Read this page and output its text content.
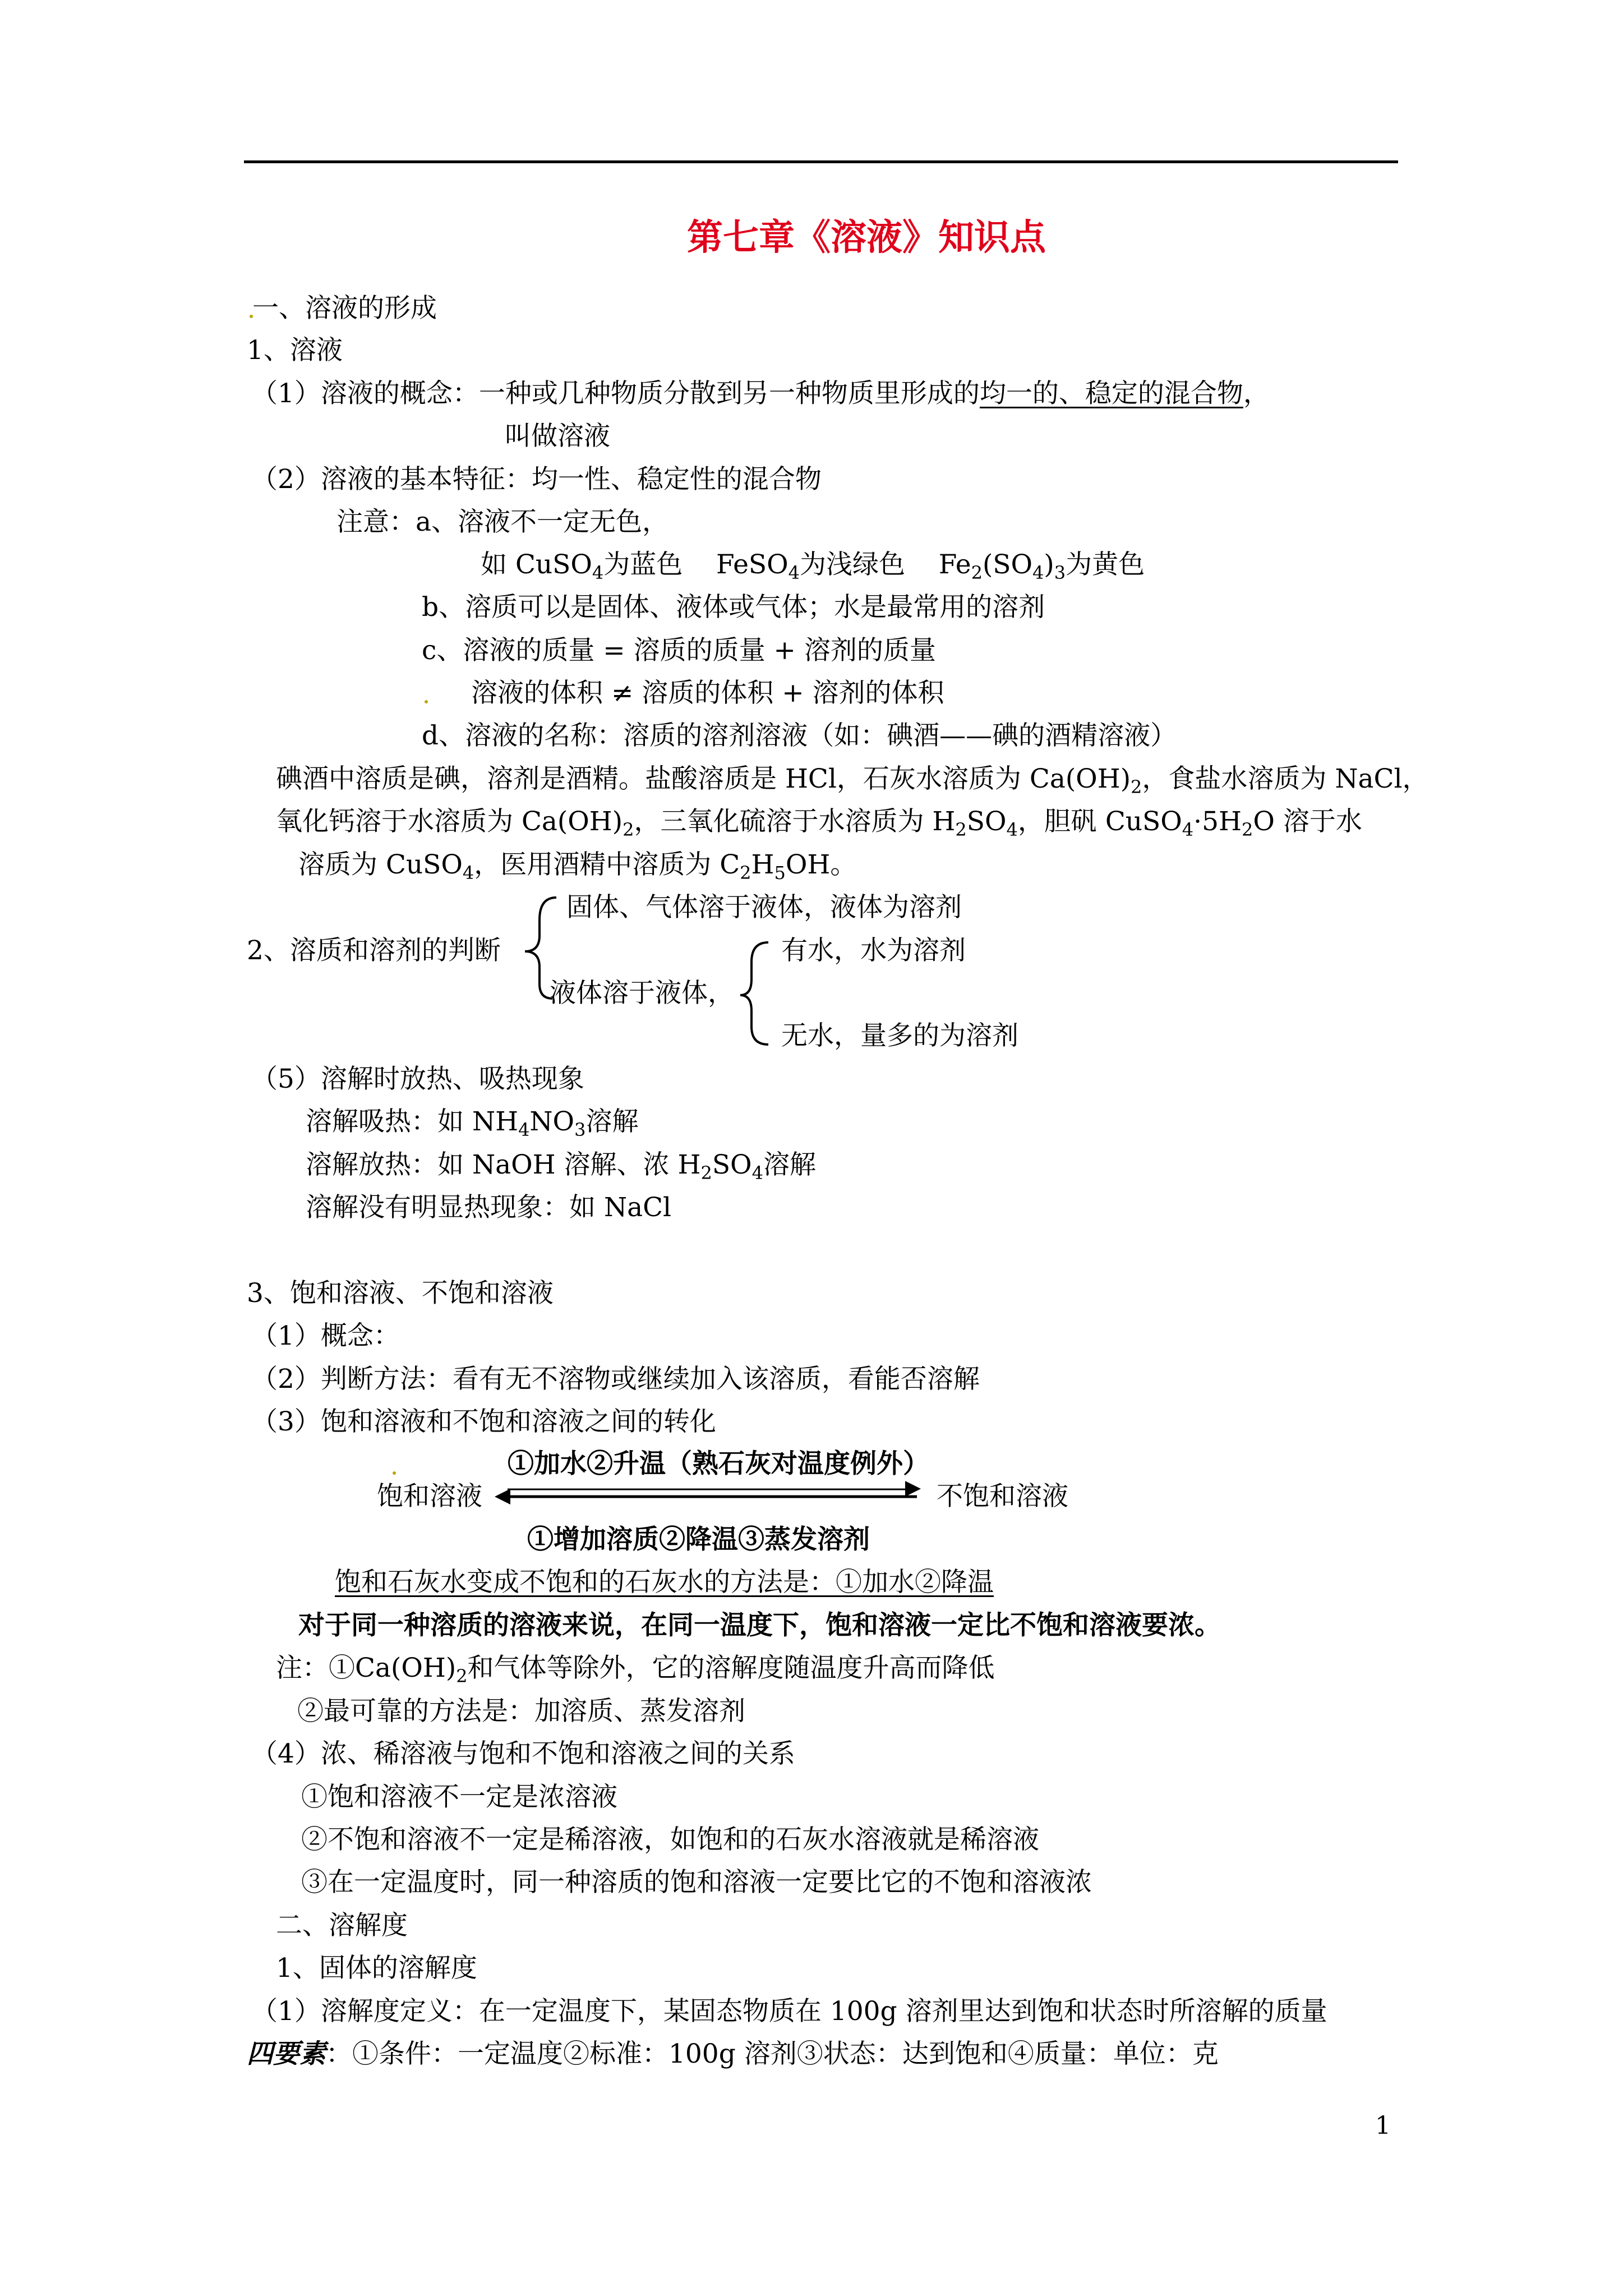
第七章《溶液》知识点
一、溶液的形成
1、溶液
（1）溶液的概念：一种或几种物质分散到另一种物质里形成的均一的、稳定的混合物，
叫做溶液
（2）溶液的基本特征：均一性、稳定性的混合物
注意：a、溶液不一定无色，
如 CuSO$_4$为蓝色 FeSO$_4$为浅绿色 $Fe_2(SO_4)_3$为黄色
b、溶质可以是固体、液体或气体；水是最常用的溶剂
c、溶液的质量 = 溶质的质量 + 溶剂的质量
溶液的体积 ≠ 溶质的体积 + 溶剂的体积
d、溶液的名称：溶质的溶剂溶液（如：碘酒——碘的酒精溶液）
碘酒中溶质是碘，溶剂是酒精。盐酸溶质是 HCl，石灰水溶质为 $Ca(OH)_2$，食盐水溶质为 NaCl，
氧化钙溶于水溶质为 $Ca(OH)_2$，三氧化硫溶于水溶质为 $H_2SO_4$，胆矾 $CuSO_4\cdot 5H_2O$ 溶于水
溶质为 CuSO$_4$，医用酒精中溶质为 $C_2H_5OH$。
固体、气体溶于液体，液体为溶剂
2、溶质和溶剂的判断
液体溶于液体，
有水，水为溶剂
无水，量多的为溶剂
（5）溶解时放热、吸热现象
溶解吸热：如 $NH_4NO_3$溶解
溶解放热：如 NaOH 溶解、浓 $H_2SO_4$溶解
溶解没有明显热现象：如 NaCl
3、饱和溶液、不饱和溶液
（1）概念：
（2）判断方法：看有无不溶物或继续加入该溶质，看能否溶解
（3）饱和溶液和不饱和溶液之间的转化
①加水②升温（熟石灰对温度例外）
饱和溶液	不饱和溶液
①增加溶质②降温③蒸发溶剂
饱和石灰水变成不饱和的石灰水的方法是：①加水②降温
对于同一种溶质的溶液来说，在同一温度下，饱和溶液一定比不饱和溶液要浓。
注：$①Ca(OH)_2$和气体等除外，它的溶解度随温度升高而降低
②最可靠的方法是：加溶质、蒸发溶剂
（4）浓、稀溶液与饱和不饱和溶液之间的关系
①饱和溶液不一定是浓溶液
②不饱和溶液不一定是稀溶液，如饱和的石灰水溶液就是稀溶液
③在一定温度时，同一种溶质的饱和溶液一定要比它的不饱和溶液浓
二、溶解度
1、固体的溶解度
（1）溶解度定义：在一定温度下，某固态物质在 100g 溶剂里达到饱和状态时所溶解的质量
四要素：①条件：一定温度②标准：100g 溶剂③状态：达到饱和④质量：单位：克
1
